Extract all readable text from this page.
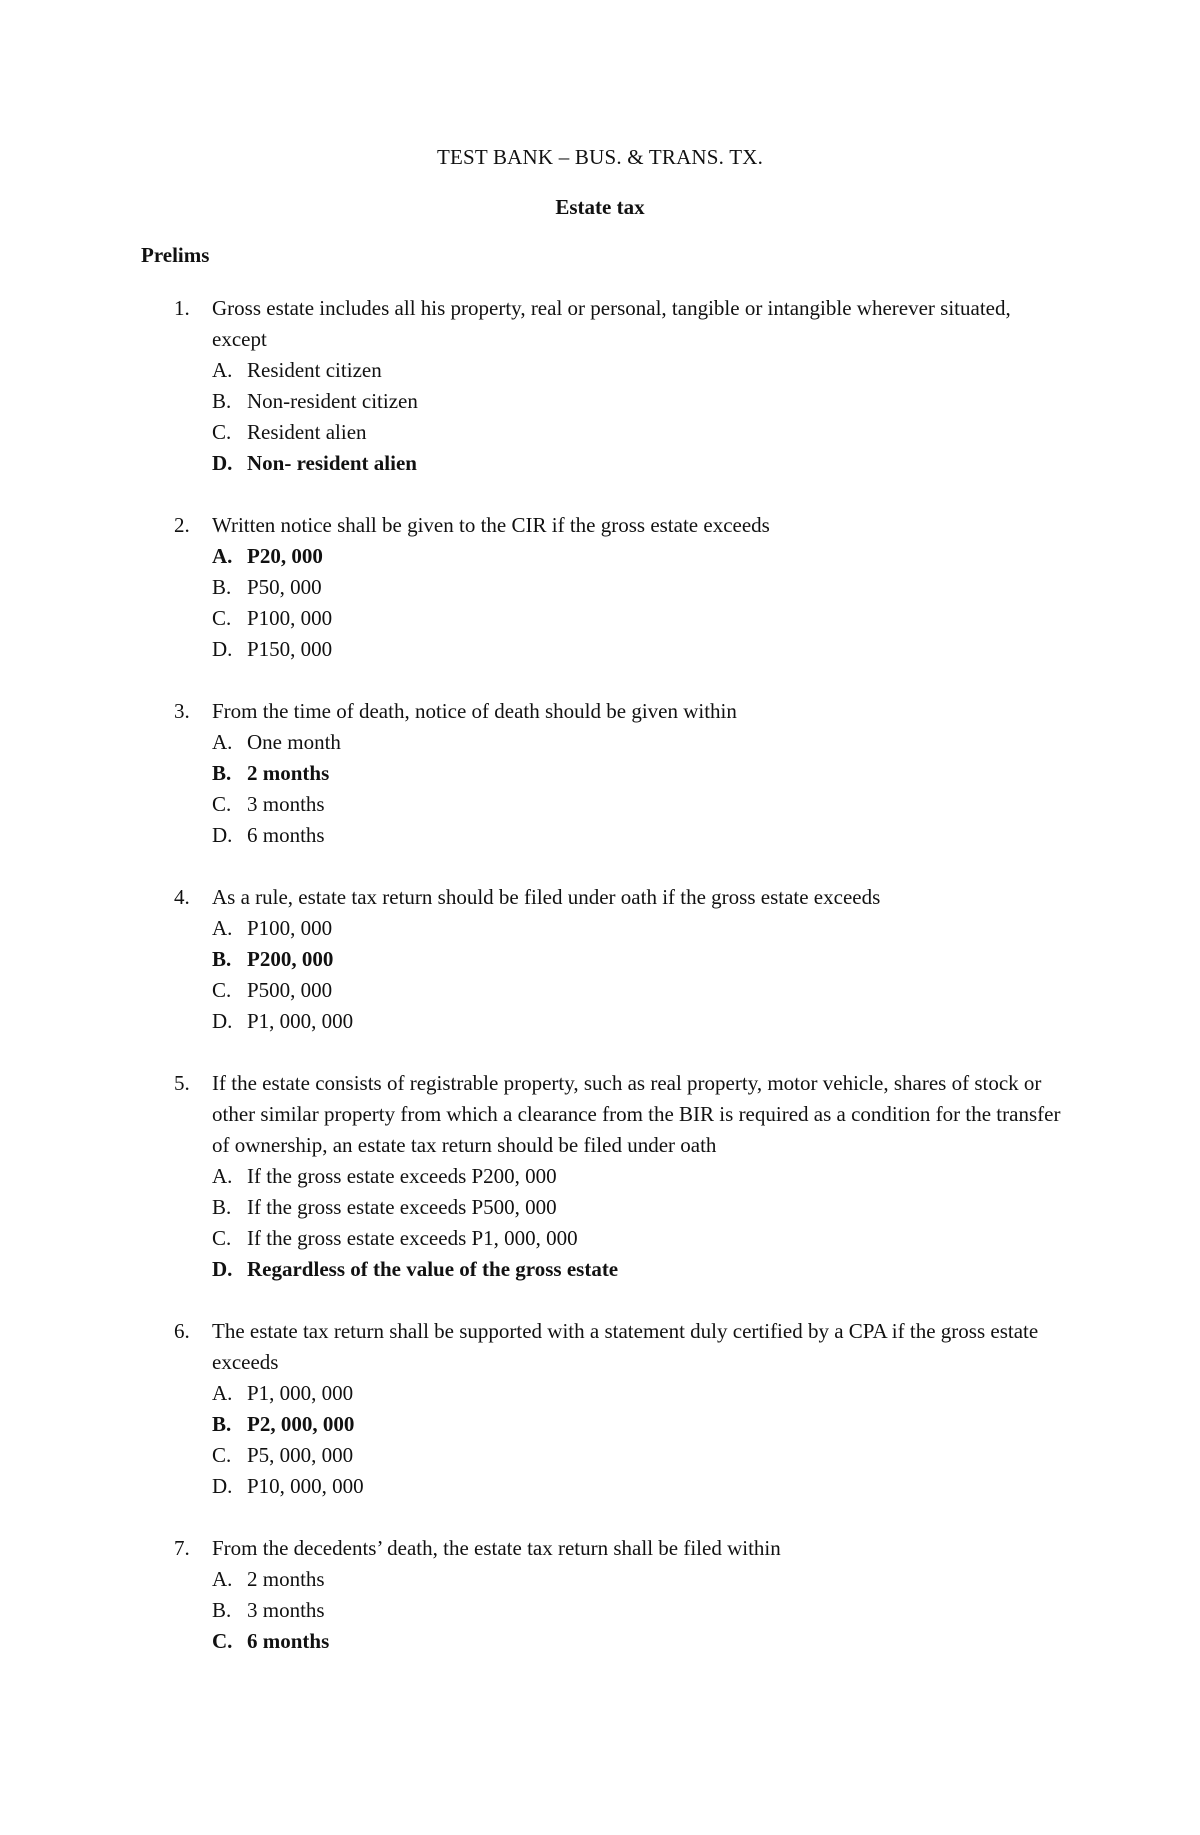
TEST BANK – BUS. & TRANS. TX.
Estate tax
Prelims
1.	Gross estate includes all his property, real or personal, tangible or intangible wherever situated, except
A. Resident citizen
B. Non-resident citizen
C. Resident alien
D. Non- resident alien
2.	Written notice shall be given to the CIR if the gross estate exceeds
A. P20, 000
B. P50, 000
C. P100, 000
D. P150, 000
3.	From the time of death, notice of death should be given within
A. One month
B. 2 months
C. 3 months
D. 6 months
4.	As a rule, estate tax return should be filed under oath if the gross estate exceeds
A. P100, 000
B. P200, 000
C. P500, 000
D. P1, 000, 000
5.	If the estate consists of registrable property, such as real property, motor vehicle, shares of stock or other similar property from which a clearance from the BIR is required as a condition for the transfer of ownership, an estate tax return should be filed under oath
A. If the gross estate exceeds P200, 000
B. If the gross estate exceeds P500, 000
C. If the gross estate exceeds P1, 000, 000
D. Regardless of the value of the gross estate
6.	The estate tax return shall be supported with a statement duly certified by a CPA if the gross estate exceeds
A. P1, 000, 000
B. P2, 000, 000
C. P5, 000, 000
D. P10, 000, 000
7.	From the decedents’ death, the estate tax return shall be filed within
A. 2 months
B. 3 months
C. 6 months
